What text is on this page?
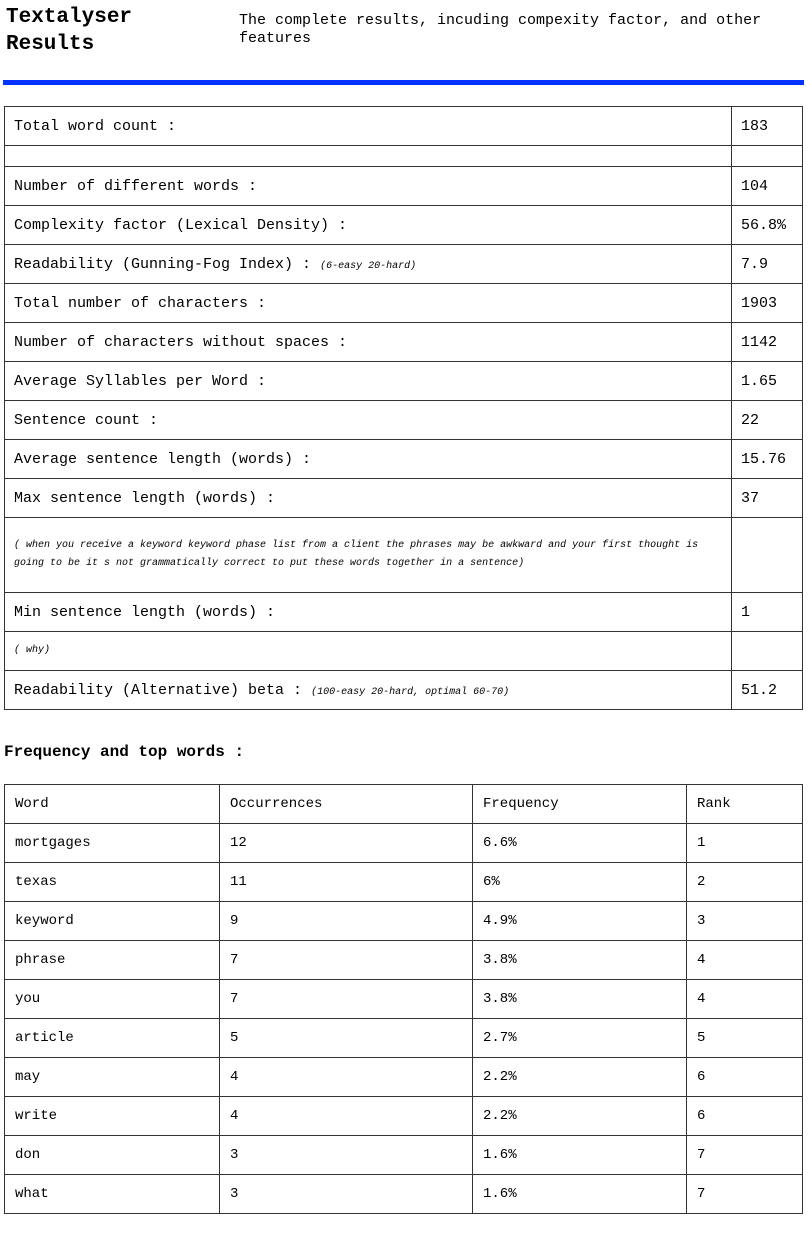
Textalyser Results
The complete results, incuding compexity factor, and other features
Total word count :	183

Number of different words :	104
Complexity factor (Lexical Density) :	56.8%
Readability (Gunning-Fog Index) : (6-easy 20-hard)	7.9
Total number of characters :	1903
Number of characters without spaces :	1142
Average Syllables per Word :	1.65
Sentence count :	22
Average sentence length (words) :	15.76
Max sentence length (words) :	37
( when you receive a keyword keyword phase list from a client the phrases may be awkward and your first thought is going to be it s not grammatically correct to put these words together in a sentence)	
Min sentence length (words) :	1
( why)	
Readability (Alternative) beta : (100-easy 20-hard, optimal 60-70)	51.2
Frequency and top words :
Word	Occurrences	Frequency	Rank
mortgages	12	6.6%	1
texas	11	6%	2
keyword	9	4.9%	3
phrase	7	3.8%	4
you	7	3.8%	4
article	5	2.7%	5
may	4	2.2%	6
write	4	2.2%	6
don	3	1.6%	7
what	3	1.6%	7
